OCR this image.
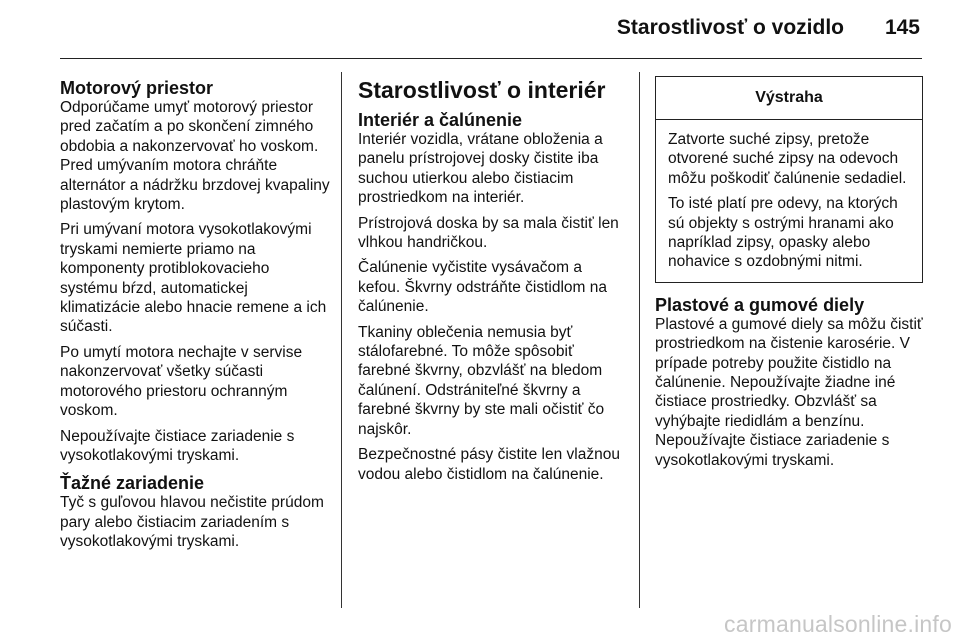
Starostlivosť o vozidlo 145
Motorový priestor

Odporúčame umyť motorový priestor pred začatím a po skončení zimného obdobia a nakonzervovať ho voskom. Pred umývaním motora chráňte alternátor a nádržku brzdovej kvapaliny plastovým krytom.

Pri umývaní motora vysokotlakovými tryskami nemierte priamo na komponenty protiblokovacieho systému bŕzd, automatickej klimatizácie alebo hnacie remene a ich súčasti.

Po umytí motora nechajte v servise nakonzervovať všetky súčasti motorového priestoru ochranným voskom.

Nepoužívajte čistiace zariadenie s vysokotlakovými tryskami.

Ťažné zariadenie

Tyč s guľovou hlavou nečistite prúdom pary alebo čistiacim zariadením s vysokotlakovými tryskami.

Starostlivosť o interiér
Interiér a čalúnenie

Interiér vozidla, vrátane obloženia a panelu prístrojovej dosky čistite iba suchou utierkou alebo čistiacim prostriedkom na interiér.

Prístrojová doska by sa mala čistiť len vlhkou handričkou.

Čalúnenie vyčistite vysávačom a kefou. Škvrny odstráňte čistidlom na čalúnenie.

Tkaniny oblečenia nemusia byť stálofarebné. To môže spôsobiť farebné škvrny, obzvlášť na bledom čalúnení. Odstrániteľné škvrny a farebné škvrny by ste mali očistiť čo najskôr.

Bezpečnostné pásy čistite len vlažnou vodou alebo čistidlom na čalúnenie.

Výstraha

Zatvorte suché zipsy, pretože otvorené suché zipsy na odevoch môžu poškodiť čalúnenie sedadiel.

To isté platí pre odevy, na ktorých sú objekty s ostrými hranami ako napríklad zipsy, opasky alebo nohavice s ozdobnými nitmi.

Plastové a gumové diely

Plastové a gumové diely sa môžu čistiť prostriedkom na čistenie karosérie. V prípade potreby použite čistidlo na čalúnenie. Nepoužívajte žiadne iné čistiace prostriedky. Obzvlášť sa vyhýbajte riedidlám a benzínu. Nepoužívajte čistiace zariadenie s vysokotlakovými tryskami.

carmanualsonline.info
